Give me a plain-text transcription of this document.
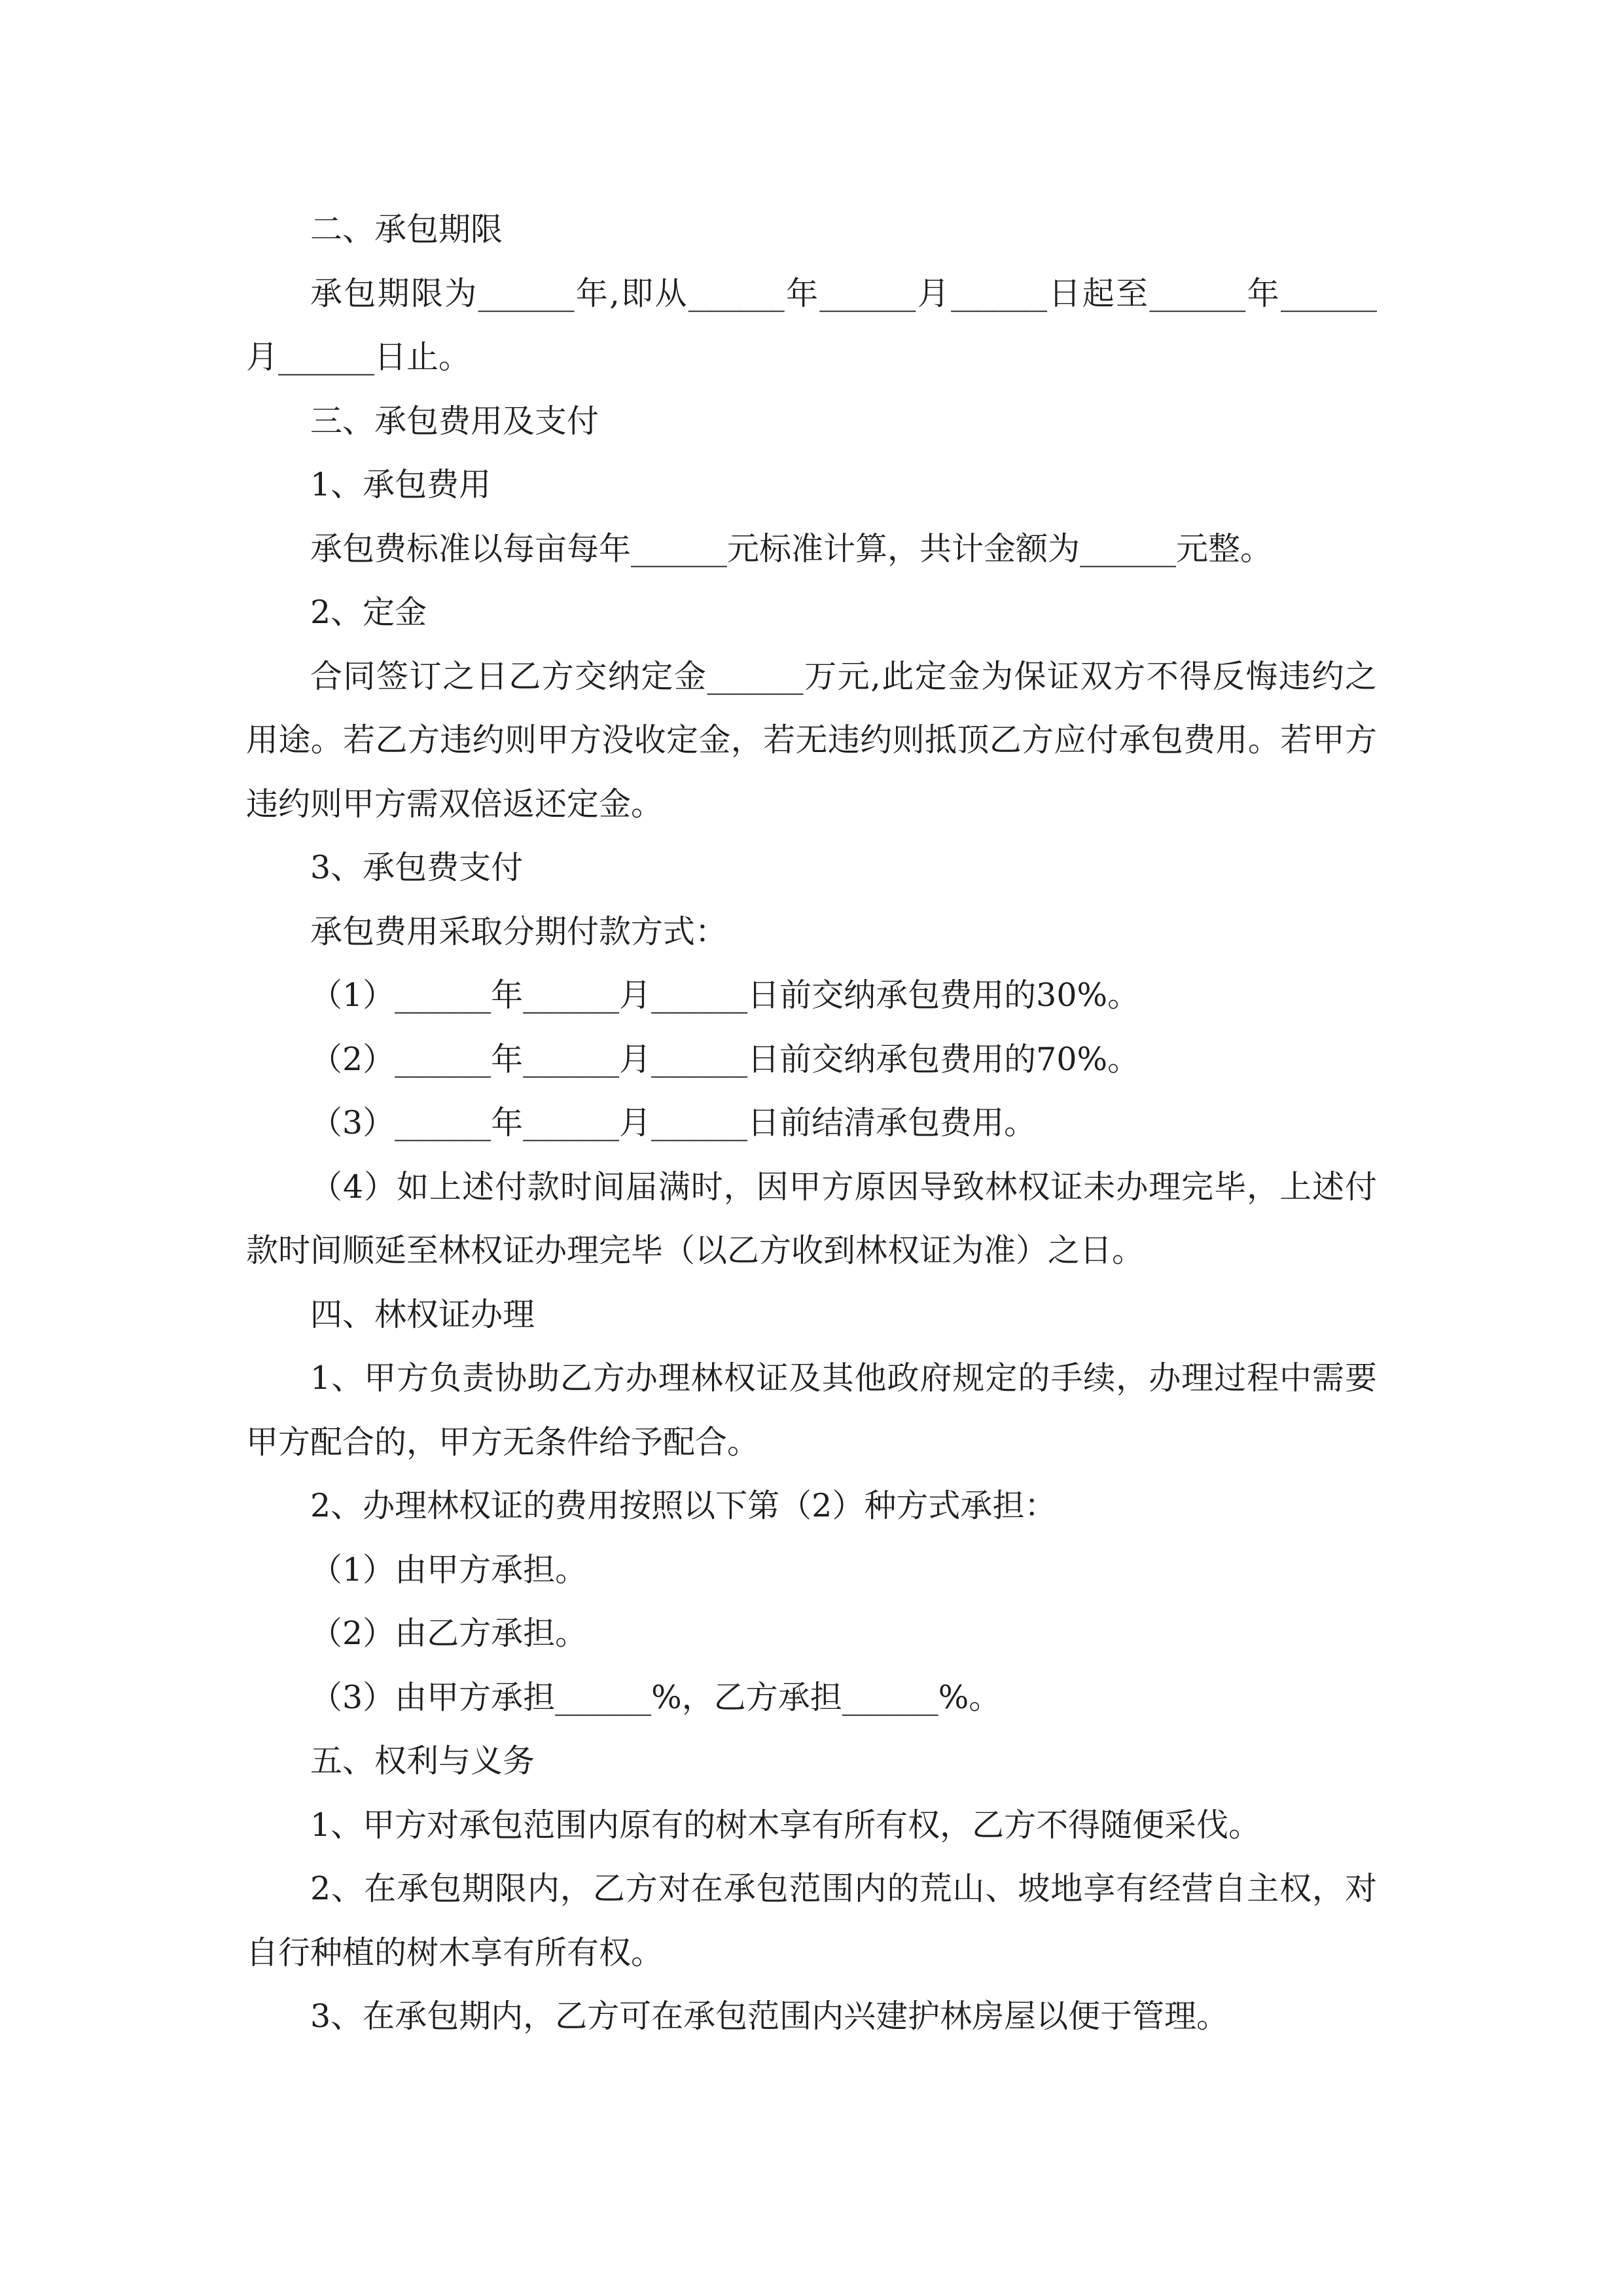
二、承包期限
承包期限为______年,即从______年______月______日起至______年______
月______日止。
三、承包费用及支付
1、承包费用
承包费标准以每亩每年______元标准计算，共计金额为______元整。
2、定金
合同签订之日乙方交纳定金______万元,此定金为保证双方不得反悔违约之
用途。若乙方违约则甲方没收定金，若无违约则抵顶乙方应付承包费用。若甲方
违约则甲方需双倍返还定金。
3、承包费支付
承包费用采取分期付款方式：
（1）______年______月______日前交纳承包费用的30%。
（2）______年______月______日前交纳承包费用的70%。
（3）______年______月______日前结清承包费用。
（4）如上述付款时间届满时，因甲方原因导致林权证未办理完毕，上述付
款时间顺延至林权证办理完毕（以乙方收到林权证为准）之日。
四、林权证办理
1、甲方负责协助乙方办理林权证及其他政府规定的手续，办理过程中需要
甲方配合的，甲方无条件给予配合。
2、办理林权证的费用按照以下第（2）种方式承担：
（1）由甲方承担。
（2）由乙方承担。
（3）由甲方承担______%，乙方承担______%。
五、权利与义务
1、甲方对承包范围内原有的树木享有所有权，乙方不得随便采伐。
2、在承包期限内，乙方对在承包范围内的荒山、坡地享有经营自主权，对
自行种植的树木享有所有权。
3、在承包期内，乙方可在承包范围内兴建护林房屋以便于管理。
